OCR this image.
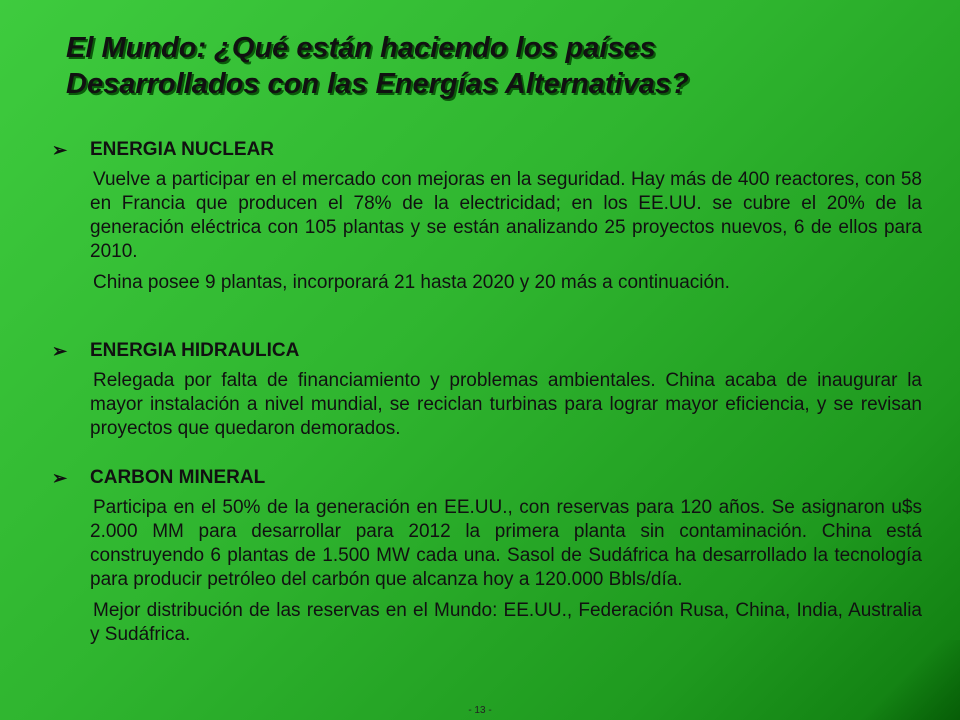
El Mundo: ¿Qué están haciendo los países
Desarrollados con las Energías Alternativas?
➢ ENERGIA NUCLEAR
Vuelve a participar en el mercado con mejoras en la seguridad. Hay más de 400 reactores, con 58 en Francia que producen el 78% de la electricidad; en los EE.UU. se cubre el 20% de la generación eléctrica con 105 plantas y se están analizando 25 proyectos nuevos, 6 de ellos para 2010.
China posee 9 plantas, incorporará 21 hasta 2020 y 20 más a continuación.
➢ ENERGIA HIDRAULICA
Relegada por falta de financiamiento y problemas ambientales. China acaba de inaugurar la mayor instalación a nivel mundial, se reciclan turbinas para lograr mayor eficiencia, y se revisan proyectos que quedaron demorados.
➢ CARBON MINERAL
Participa en el 50% de la generación en EE.UU., con reservas para 120 años. Se asignaron u$s 2.000 MM para desarrollar para 2012 la primera planta sin contaminación. China está construyendo 6 plantas de 1.500 MW cada una. Sasol de Sudáfrica ha desarrollado la tecnología para producir petróleo del carbón que alcanza hoy a 120.000 Bbls/día.
Mejor distribución de las reservas en el Mundo: EE.UU., Federación Rusa, China, India, Australia y Sudáfrica.
- 13 -
